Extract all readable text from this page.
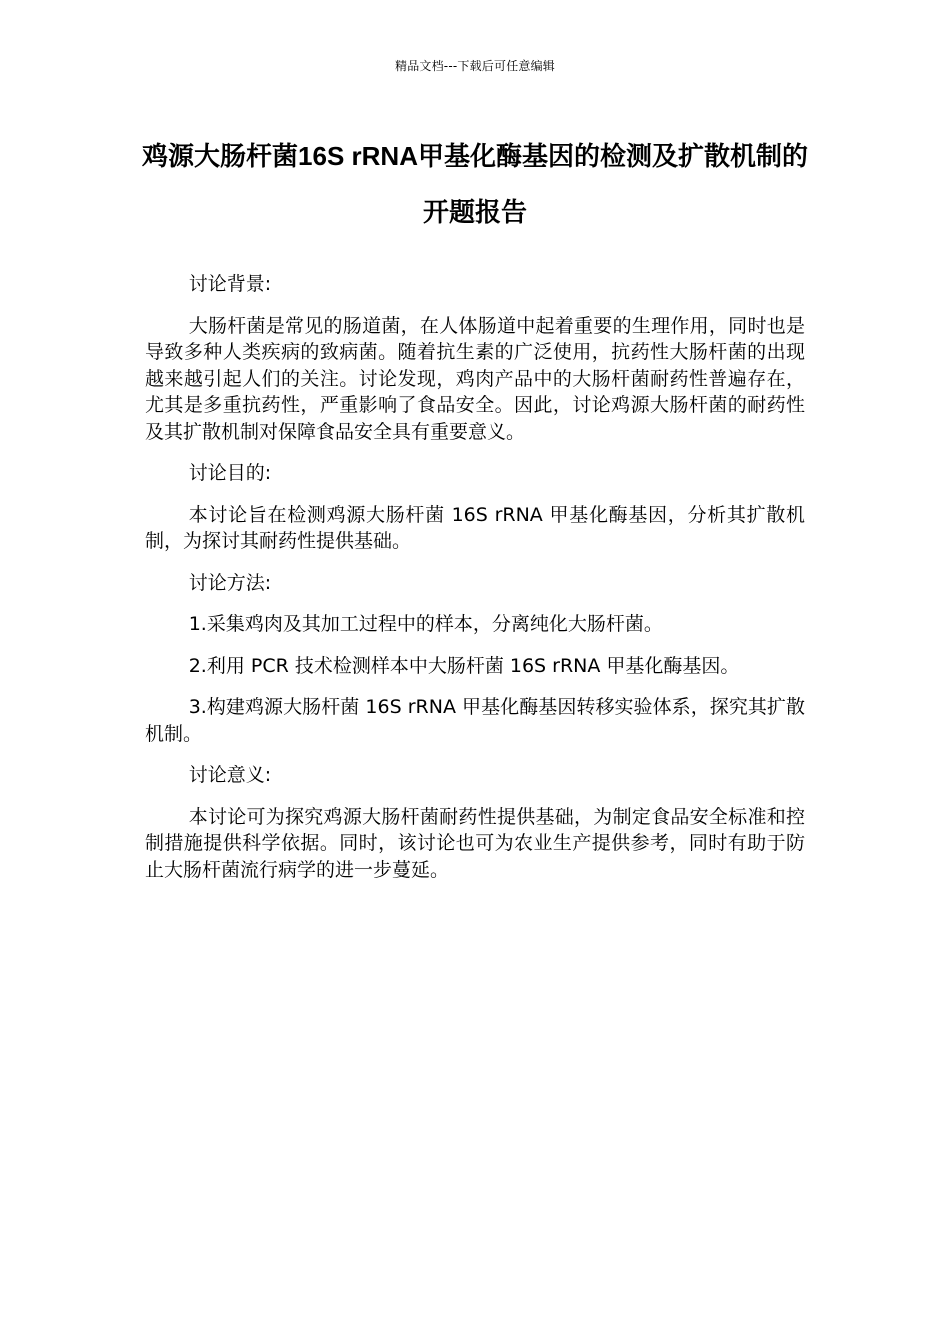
精品文档---下载后可任意编辑
鸡源大肠杆菌16S rRNA甲基化酶基因的检测及扩散机制的开题报告

讨论背景:

大肠杆菌是常见的肠道菌，在人体肠道中起着重要的生理作用，同时也是导致多种人类疾病的致病菌。随着抗生素的广泛使用，抗药性大肠杆菌的出现越来越引起人们的关注。讨论发现，鸡肉产品中的大肠杆菌耐药性普遍存在，尤其是多重抗药性，严重影响了食品安全。因此，讨论鸡源大肠杆菌的耐药性及其扩散机制对保障食品安全具有重要意义。

讨论目的:

本讨论旨在检测鸡源大肠杆菌 16S rRNA 甲基化酶基因，分析其扩散机制，为探讨其耐药性提供基础。

讨论方法:

1.采集鸡肉及其加工过程中的样本，分离纯化大肠杆菌。

2.利用 PCR 技术检测样本中大肠杆菌 16S rRNA 甲基化酶基因。

3.构建鸡源大肠杆菌 16S rRNA 甲基化酶基因转移实验体系，探究其扩散机制。

讨论意义:

本讨论可为探究鸡源大肠杆菌耐药性提供基础，为制定食品安全标准和控制措施提供科学依据。同时，该讨论也可为农业生产提供参考，同时有助于防止大肠杆菌流行病学的进一步蔓延。
